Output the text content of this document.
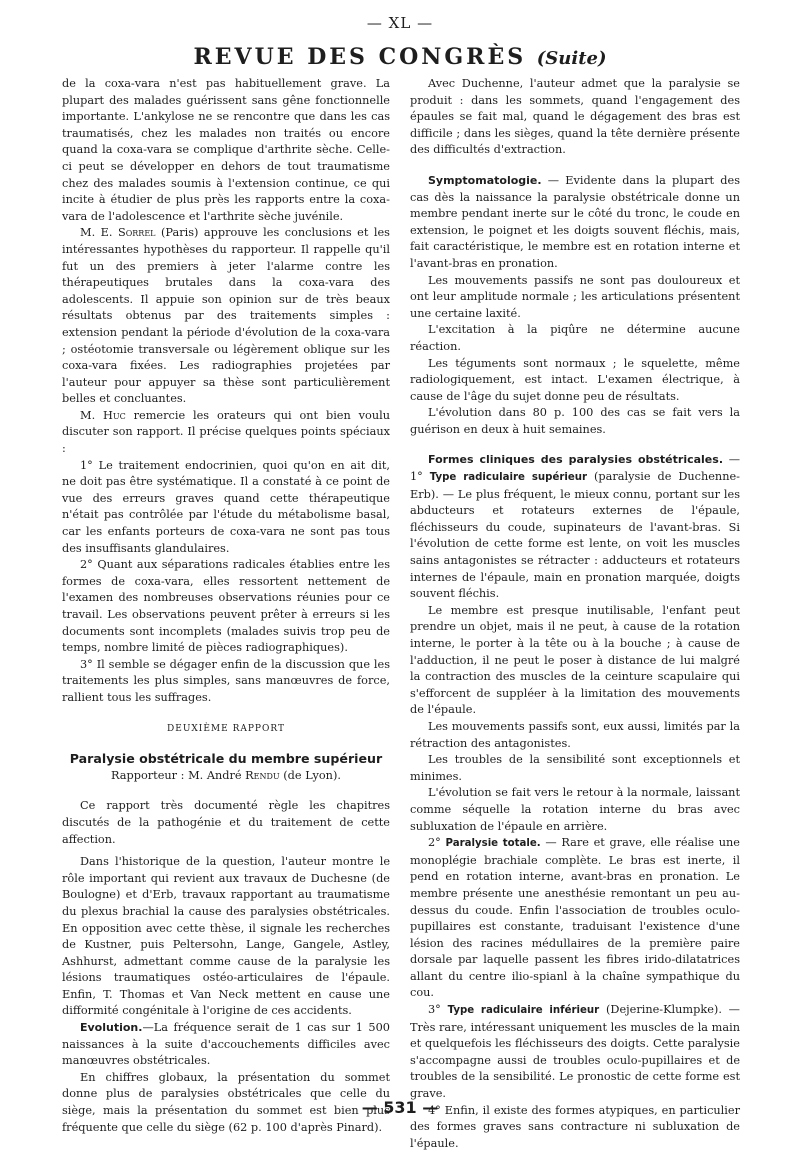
— XL —
REVUE DES CONGRÈS (Suite)

de la coxa-vara n'est pas habituellement grave. La plupart des malades guérissent sans gêne fonctionnelle importante. L'ankylose ne se rencontre que dans les cas traumatisés, chez les malades non traités ou encore quand la coxa-vara se complique d'arthrite sèche. Celle-ci peut se développer en dehors de tout traumatisme chez des malades soumis à l'extension continue, ce qui incite à étudier de plus près les rapports entre la coxa-vara de l'adolescence et l'arthrite sèche juvénile.

M. E. Sorrel (Paris) approuve les conclusions et les intéressantes hypothèses du rapporteur. Il rappelle qu'il fut un des premiers à jeter l'alarme contre les thérapeutiques brutales dans la coxa-vara des adolescents. Il appuie son opinion sur de très beaux résultats obtenus par des traitements simples : extension pendant la période d'évolution de la coxa-vara ; ostéotomie transversale ou légèrement oblique sur les coxa-vara fixées. Les radiographies projetées par l'auteur pour appuyer sa thèse sont particulièrement belles et concluantes.

M. Huc remercie les orateurs qui ont bien voulu discuter son rapport. Il précise quelques points spéciaux :

1° Le traitement endocrinien, quoi qu'on en ait dit, ne doit pas être systématique. Il a constaté à ce point de vue des erreurs graves quand cette thérapeutique n'était pas contrôlée par l'étude du métabolisme basal, car les enfants porteurs de coxa-vara ne sont pas tous des insuffisants glandulaires.

2° Quant aux séparations radicales établies entre les formes de coxa-vara, elles ressortent nettement de l'examen des nombreuses observations réunies pour ce travail. Les observations peuvent prêter à erreurs si les documents sont incomplets (malades suivis trop peu de temps, nombre limité de pièces radiographiques).

3° Il semble se dégager enfin de la discussion que les traitements les plus simples, sans manœuvres de force, rallient tous les suffrages.

DEUXIÈME RAPPORT

Paralysie obstétricale du membre supérieur

Rapporteur : M. André Rendu (de Lyon).

Ce rapport très documenté règle les chapitres discutés de la pathogénie et du traitement de cette affection.

Dans l'historique de la question, l'auteur montre le rôle important qui revient aux travaux de Duchesne (de Boulogne) et d'Erb, travaux rapportant au traumatisme du plexus brachial la cause des paralysies obstétricales. En opposition avec cette thèse, il signale les recherches de Kustner, puis Peltersohn, Lange, Gangele, Astley, Ashhurst, admettant comme cause de la paralysie les lésions traumatiques ostéo-articulaires de l'épaule. Enfin, T. Thomas et Van Neck mettent en cause une difformité congénitale à l'origine de ces accidents.

Evolution.—La fréquence serait de 1 cas sur 1 500 naissances à la suite d'accouchements difficiles avec manœuvres obstétricales.

En chiffres globaux, la présentation du sommet donne plus de paralysies obstétricales que celle du siège, mais la présentation du sommet est bien plus fréquente que celle du siège (62 p. 100 d'après Pinard).

Avec Duchenne, l'auteur admet que la paralysie se produit : dans les sommets, quand l'engagement des épaules se fait mal, quand le dégagement des bras est difficile ; dans les sièges, quand la tête dernière présente des difficultés d'extraction.

Symptomatologie. — Evidente dans la plupart des cas dès la naissance la paralysie obstétricale donne un membre pendant inerte sur le côté du tronc, le coude en extension, le poignet et les doigts souvent fléchis, mais, fait caractéristique, le membre est en rotation interne et l'avant-bras en pronation.

Les mouvements passifs ne sont pas douloureux et ont leur amplitude normale ; les articulations présentent une certaine laxité.

L'excitation à la piqûre ne détermine aucune réaction.

Les téguments sont normaux ; le squelette, même radiologiquement, est intact. L'examen électrique, à cause de l'âge du sujet donne peu de résultats.

L'évolution dans 80 p. 100 des cas se fait vers la guérison en deux à huit semaines.

Formes cliniques des paralysies obstétricales. — 1° Type radiculaire supérieur (paralysie de Duchenne-Erb). — Le plus fréquent, le mieux connu, portant sur les abducteurs et rotateurs externes de l'épaule, fléchisseurs du coude, supinateurs de l'avant-bras. Si l'évolution de cette forme est lente, on voit les muscles sains antagonistes se rétracter : adducteurs et rotateurs internes de l'épaule, main en pronation marquée, doigts souvent fléchis.

Le membre est presque inutilisable, l'enfant peut prendre un objet, mais il ne peut, à cause de la rotation interne, le porter à la tête ou à la bouche ; à cause de l'adduction, il ne peut le poser à distance de lui malgré la contraction des muscles de la ceinture scapulaire qui s'efforcent de suppléer à la limitation des mouvements de l'épaule.

Les mouvements passifs sont, eux aussi, limités par la rétraction des antagonistes.

Les troubles de la sensibilité sont exceptionnels et minimes.

L'évolution se fait vers le retour à la normale, laissant comme séquelle la rotation interne du bras avec subluxation de l'épaule en arrière.

2° Paralysie totale. — Rare et grave, elle réalise une monoplégie brachiale complète. Le bras est inerte, il pend en rotation interne, avant-bras en pronation. Le membre présente une anesthésie remontant un peu au-dessus du coude. Enfin l'association de troubles oculo-pupillaires est constante, traduisant l'existence d'une lésion des racines médullaires de la première paire dorsale par laquelle passent les fibres irido-dilatatrices allant du centre ilio-spianl à la chaîne sympathique du cou.

3° Type radiculaire inférieur (Dejerine-Klumpke). — Très rare, intéressant uniquement les muscles de la main et quelquefois les fléchisseurs des doigts. Cette paralysie s'accompagne aussi de troubles oculo-pupillaires et de troubles de la sensibilité. Le pronostic de cette forme est grave.

4° Enfin, il existe des formes atypiques, en particulier des formes graves sans contracture ni subluxation de l'épaule.

— 531 —
